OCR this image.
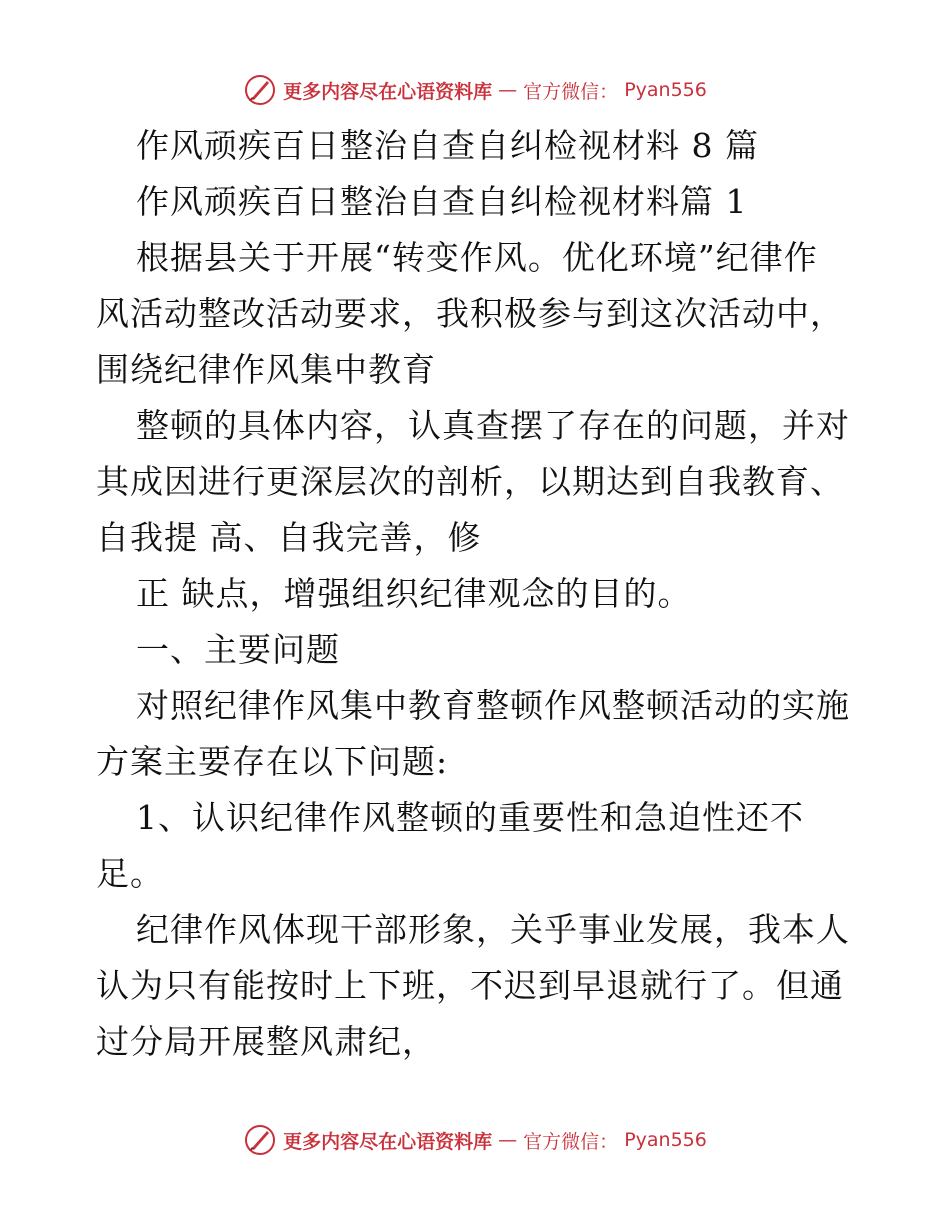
更多内容尽在心语资料库 — 官方微信： Pyan556
作风顽疾百日整治自查自纠检视材料 8 篇
作风顽疾百日整治自查自纠检视材料篇 1
根据县关于开展“转变作风。优化环境”纪律作
风活动整改活动要求，我积极参与到这次活动中，
围绕纪律作风集中教育
整顿的具体内容，认真查摆了存在的问题，并对
其成因进行更深层次的剖析，以期达到自我教育、
自我提 高、自我完善，修
正 缺点，增强组织纪律观念的目的。
一、主要问题
对照纪律作风集中教育整顿作风整顿活动的实施
方案主要存在以下问题:
1、认识纪律作风整顿的重要性和急迫性还不
足。
纪律作风体现干部形象，关乎事业发展，我本人
认为只有能按时上下班，不迟到早退就行了。但通
过分局开展整风肃纪，
更多内容尽在心语资料库 — 官方微信： Pyan556
